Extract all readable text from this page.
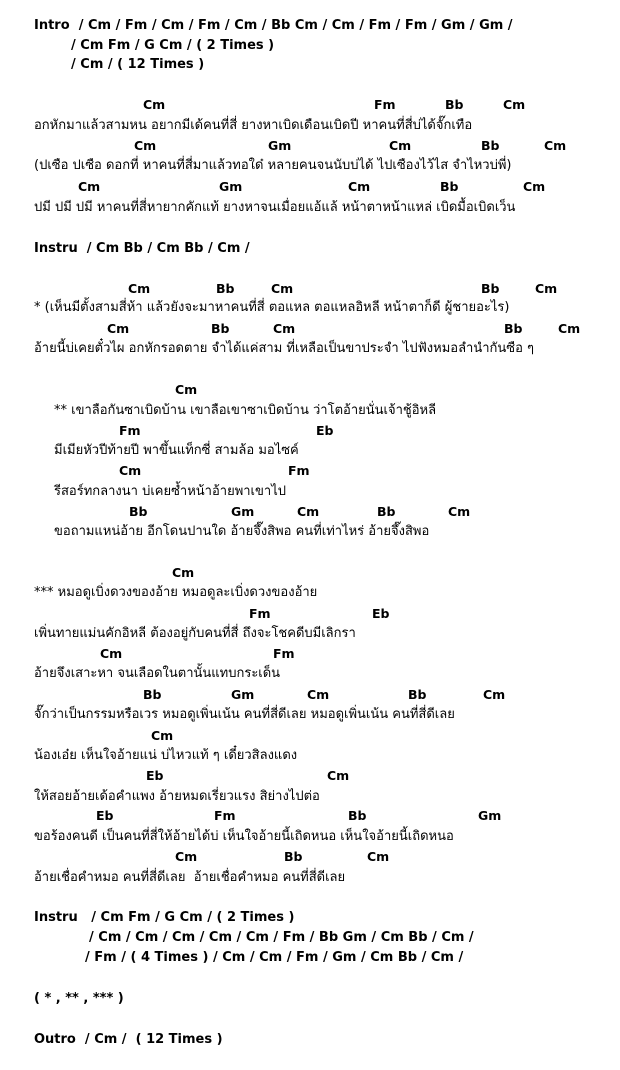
Intro  / Cm / Fm / Cm / Fm / Cm / Bb Cm / Cm / Fm / Fm / Gm / Gm /
/ Cm Fm / G Cm / ( 2 Times )
/ Cm / ( 12 Times )
Instru  / Cm Bb / Cm Bb / Cm /
Instru   / Cm Fm / G Cm / ( 2 Times )
/ Cm / Cm / Cm / Cm / Cm / Fm / Bb Gm / Cm Bb / Cm /
/ Fm / ( 4 Times ) / Cm / Cm / Fm / Gm / Cm Bb / Cm /
( * , ** , *** )
Outro  / Cm /  ( 12 Times )
Cm	Fm	Bb	Cm
อกหักมาแล้วสามหน อยากมีเด้คนที่สี่ ยางหาเบิดเดือนเบิดปี หาคนที่สี่บ่ได้จั๊กเทือ
Cm	Gm	Cm	Bb	Cm
(ปเซือ ปเซือ ดอกที่ หาคนที่สี่มาแล้วทอใด๋ หลายคนจนนับบ่ได้ ไปเซืองไว้ไส จำไหวบ่พี่)
Cm	Gm	Cm	Bb	Cm
ปมี ปมี ปมี หาคนที่สี่หายากคักแท้ ยางหาจนเมื่อยแอ้แล้ หน้าตาหน้าแหล่ เบิดมื้อเบิดเว็น
Cm	Bb	Cm	Bb	Cm
* (เห็นมีตั้งสามสี่ห้า แล้วยังจะมาหาคนที่สี่ ตอแหล ตอแหลอิหลี หน้าตาก็ดี ผู้ชายอะไร)
Cm	Bb	Cm	Bb	Cm
อ้ายนี้บ่เคยตั๋วไผ อกหักรอดตาย จำได้แค่สาม ที่เหลือเป็นขาประจำ ไปฟังหมอลำนำกันซือ ๆ
Cm
** เขาลือกันซาเบิดบ้าน เขาลือเขาซาเบิดบ้าน ว่าโตอ้ายนั่นเจ้าชู้อิหลี
Fm	Eb
มีเมียหัวปีท้ายปี พาขึ้นแท็กซี่ สามล้อ มอไซค์
Cm	Fm
รีสอร์ทกลางนา บ่เคยซ้ำหน้าอ้ายพาเขาไป
Bb	Gm	Cm	Bb	Cm
ขอถามแหน่อ้าย อีกโดนปานใด อ้ายจึ๊งสิพอ คนที่เท่าไหร่ อ้ายจึ๊งสิพอ
Cm
*** หมอดูเบิ่งดวงของอ้าย หมอดูละเบิ่งดวงของอ้าย
Fm	Eb
เพิ่นทายแม่นคักอิหลี ต้องอยู่กับคนที่สี่ ถึงจะโชคดีบมีเลิกรา
Cm	Fm
อ้ายจึงเสาะหา จนเลือดในตานั้นแทบกระเด็น
Bb	Gm	Cm	Bb	Cm
จั๊กว่าเป็นกรรมหรือเวร หมอดูเพิ่นเน้น คนที่สี่ดีเลย หมอดูเพิ่นเน้น คนที่สี่ดีเลย
Cm
น้องเอ๋ย เห็นใจอ้ายแน่ บ่ไหวแท้ ๆ เดี๋ยวสิลงแดง
Eb	Cm
ให้สอยอ้ายเด้อคำแพง อ้ายหมดเรี่ยวแรง สิย่างไปต่อ
Eb	Fm	Bb	Gm
ขอร้องคนดี เป็นคนที่สี่ให้อ้ายได้บ่ เห็นใจอ้ายนี้เถิดหนอ เห็นใจอ้ายนี้เถิดหนอ
Cm	Bb	Cm
อ้ายเชื่อคำหมอ คนที่สี่ดีเลย  อ้ายเชื่อคำหมอ คนที่สี่ดีเลย
